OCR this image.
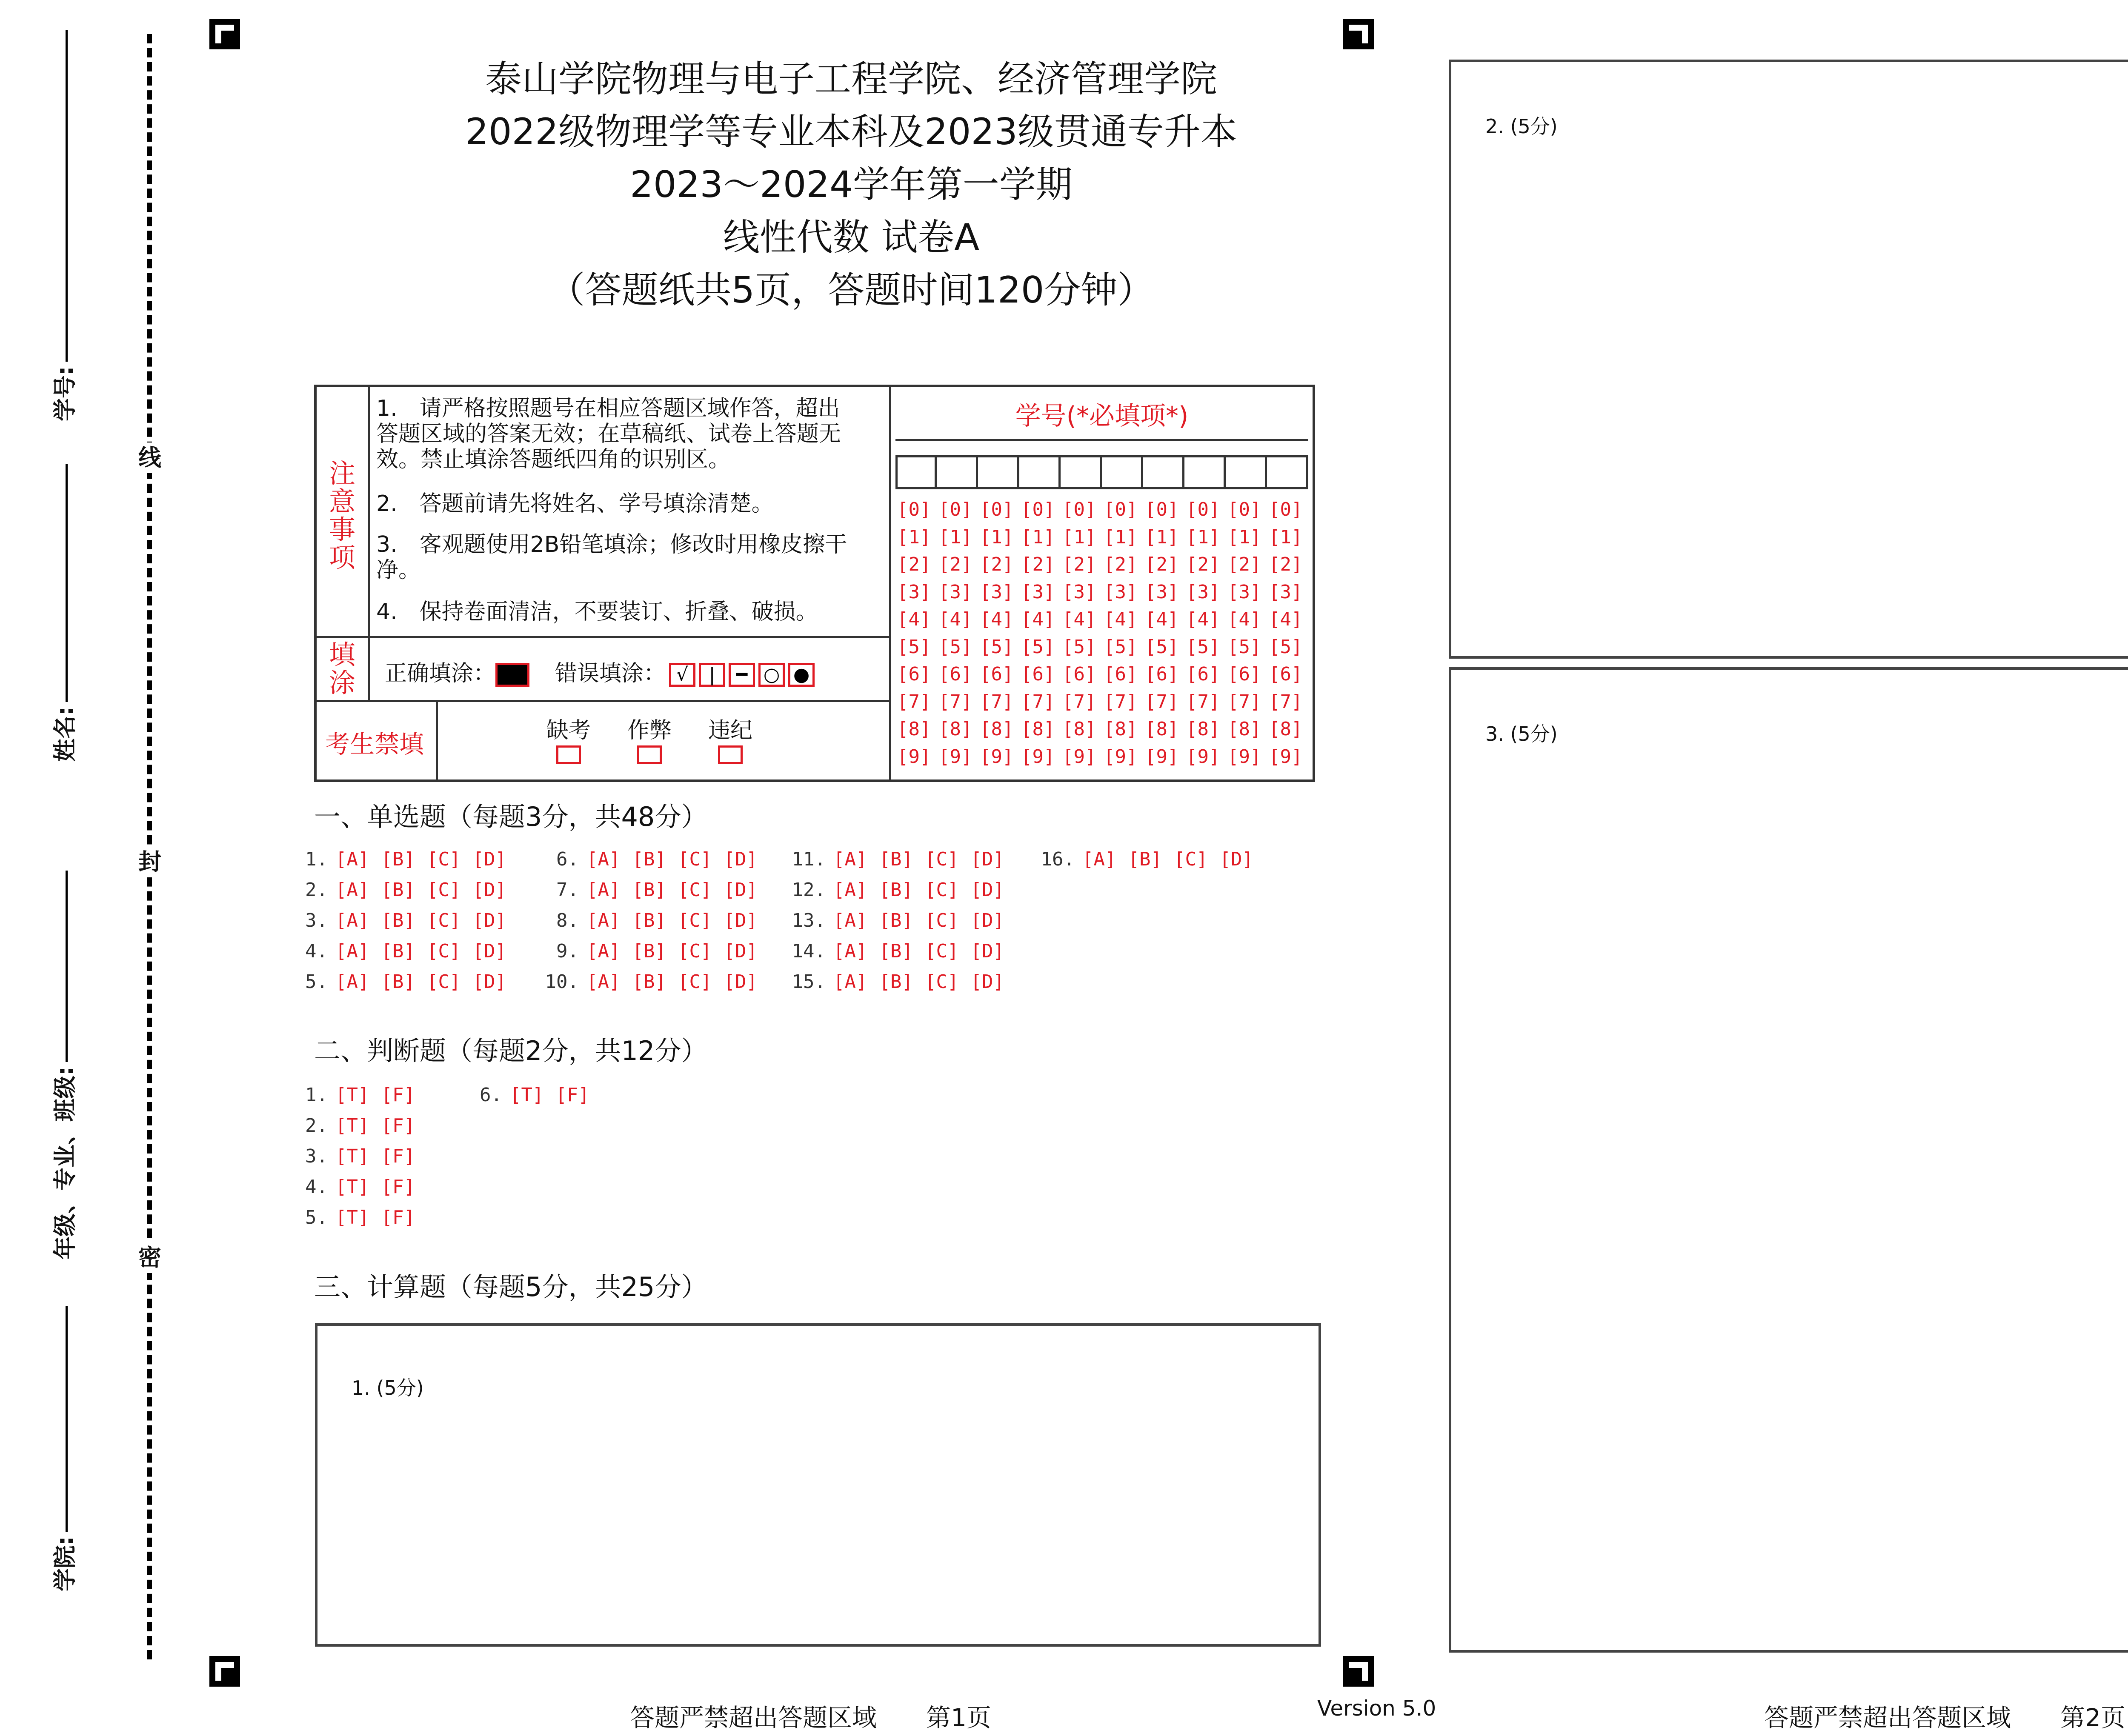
线
封
密
学号:
姓名:
年级、专业、班级:
学院:
泰山学院物理与电子工程学院、经济管理学院
2022级物理学等专业本科及2023级贯通专升本
2023～2024学年第一学期
线性代数 试卷A
（答题纸共5页，答题时间120分钟）
注意事项
1.　请严格按照题号在相应答题区域作答，超出答题区域的答案无效；在草稿纸、试卷上答题无效。禁止填涂答题纸四角的识别区。
2.　答题前请先将姓名、学号填涂清楚。
3.　客观题使用2B铅笔填涂；修改时用橡皮擦干净。
4.　保持卷面清洁，不要装订、折叠、破损。
填涂	正确填涂：	错误填涂： √ | ━ ○ ●
考生禁填	缺考 作弊 违纪
学号(*必填项*)
[0] [0] [0] [0] [0] [0] [0] [0] [0] [0]
[1] [1] [1] [1] [1] [1] [1] [1] [1] [1]
[2] [2] [2] [2] [2] [2] [2] [2] [2] [2]
[3] [3] [3] [3] [3] [3] [3] [3] [3] [3]
[4] [4] [4] [4] [4] [4] [4] [4] [4] [4]
[5] [5] [5] [5] [5] [5] [5] [5] [5] [5]
[6] [6] [6] [6] [6] [6] [6] [6] [6] [6]
[7] [7] [7] [7] [7] [7] [7] [7] [7] [7]
[8] [8] [8] [8] [8] [8] [8] [8] [8] [8]
[9] [9] [9] [9] [9] [9] [9] [9] [9] [9]
一、单选题（每题3分，共48分）
1. [A] [B] [C] [D]
2. [A] [B] [C] [D]
3. [A] [B] [C] [D]
4. [A] [B] [C] [D]
5. [A] [B] [C] [D]
6. [A] [B] [C] [D]
7. [A] [B] [C] [D]
8. [A] [B] [C] [D]
9. [A] [B] [C] [D]
10. [A] [B] [C] [D]
11. [A] [B] [C] [D]
12. [A] [B] [C] [D]
13. [A] [B] [C] [D]
14. [A] [B] [C] [D]
15. [A] [B] [C] [D]
16. [A] [B] [C] [D]
二、判断题（每题2分，共12分）
1. [T] [F]
2. [T] [F]
3. [T] [F]
4. [T] [F]
5. [T] [F]
6. [T] [F]
三、计算题（每题5分，共25分）
1. (5分)
2. (5分)
3. (5分)
答题严禁超出答题区域　　第1页	Version 5.0	答题严禁超出答题区域　　第2页
